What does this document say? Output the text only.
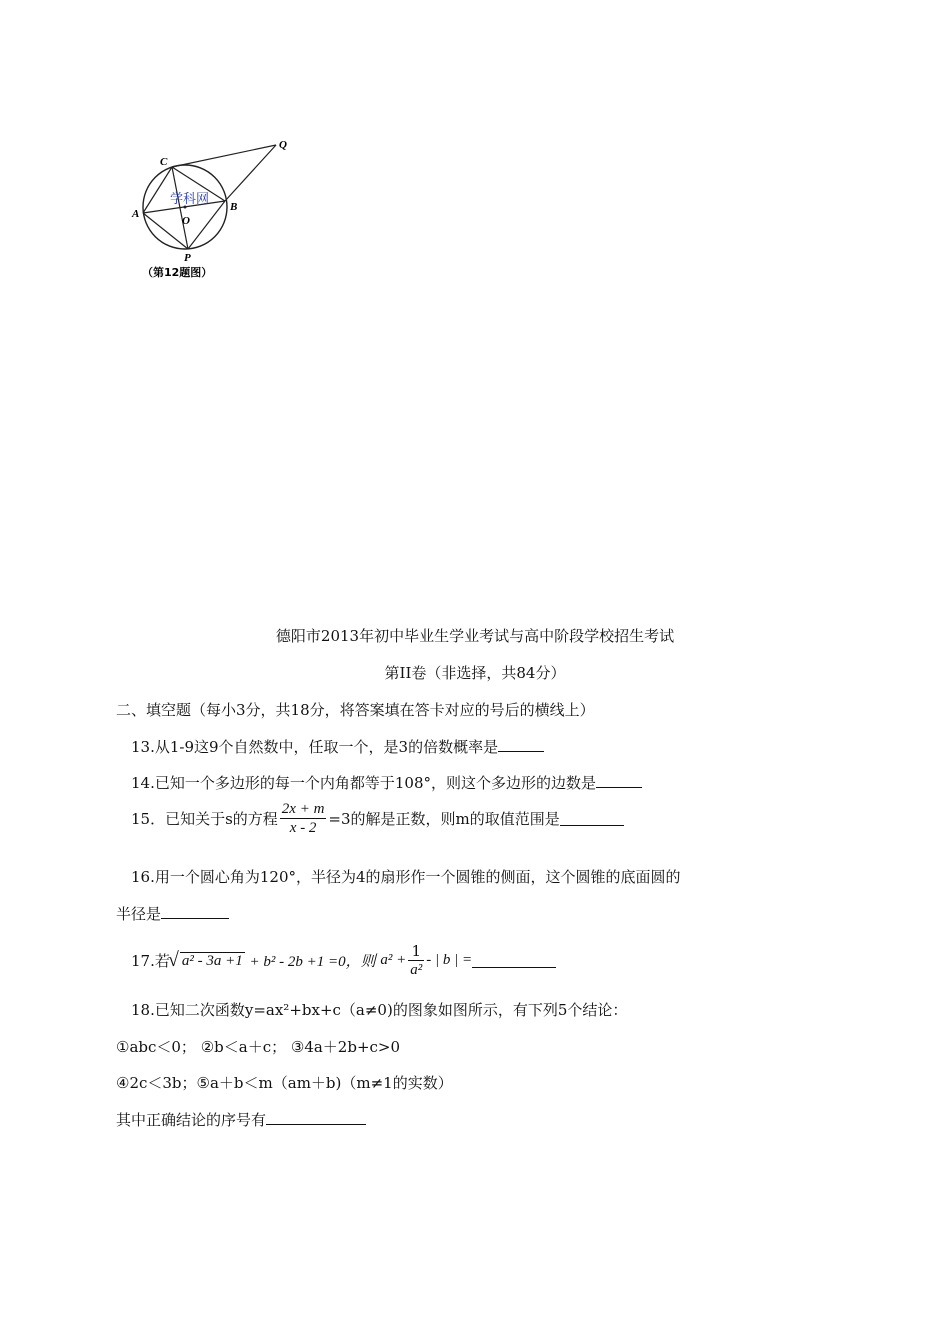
C
Q
A
O
B
P
学科网
（第12题图）
德阳市2013年初中毕业生学业考试与高中阶段学校招生考试
第II卷（非选择，共84分）
二、填空题（每小3分，共18分，将答案填在答卡对应的号后的横线上）
13.从1-9这9个自然数中，任取一个，是3的倍数概率是
14.已知一个多边形的每一个内角都等于108°，则这个多边形的边数是
15．已知关于s的方程 $\frac{2x + m}{x - 2} =3$的解是正数，则m的取值范围是
16.用一个圆心角为120°，半径为4的扇形作一个圆锥的侧面，这个圆锥的底面圆的
半径是
17.若√ a² - 3a +1 + b² - 2b +1 =0，则 $a^2 + \frac{1}{\text{a²}}$ - | b | =
18.已知二次函数y=ax²+bx+c（a≠0)的图象如图所示，有下列5个结论：
①abc＜0； ②b＜a＋c； ③4a＋2b+c>0
④2c＜3b；⑤a＋b＜m（am＋b)（m≠1的实数）
其中正确结论的序号有
